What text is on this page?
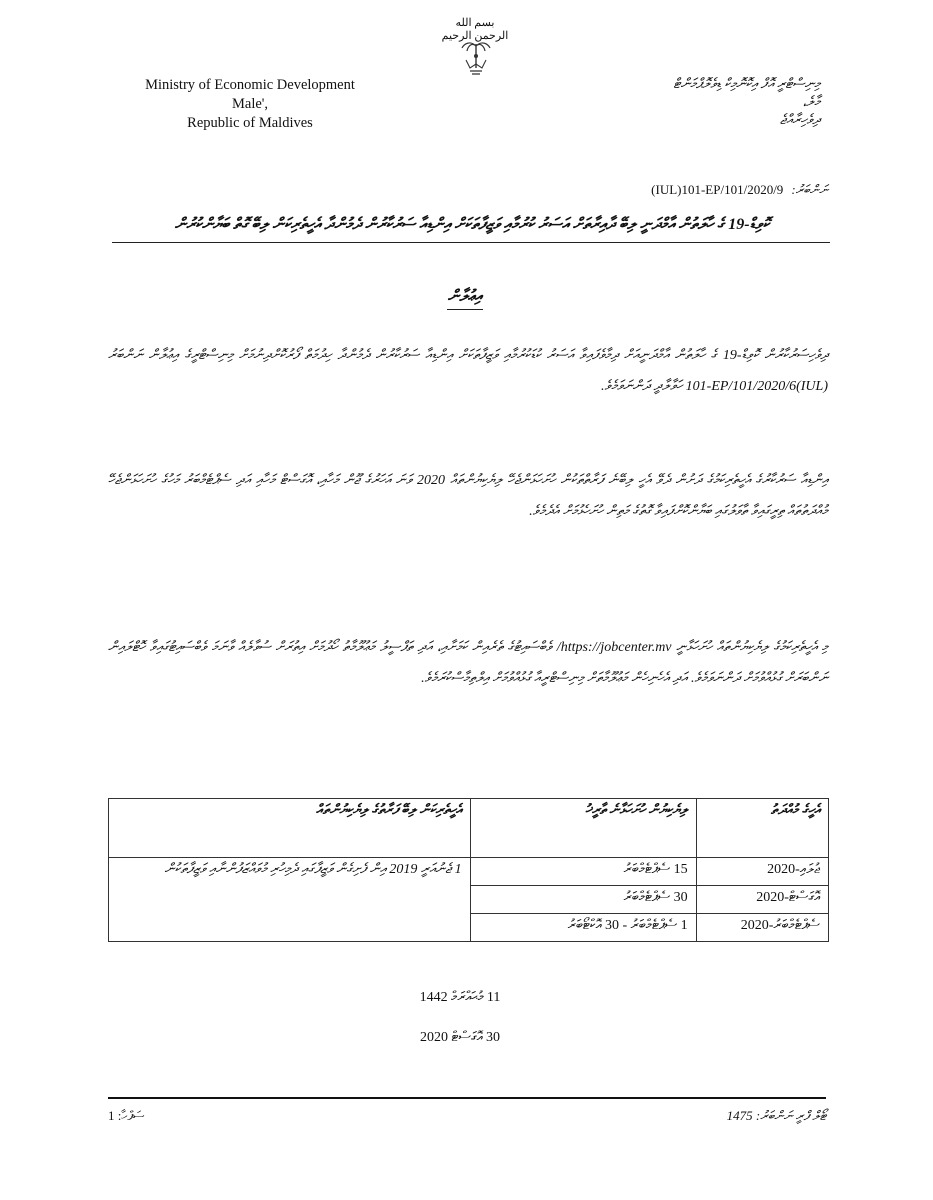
بسم الله الرحمن الرحيم
Ministry of Economic Development
Male',
Republic of Maldives
މިނިސްޓްރީ އޮފް އިކޮނޮމިކް ޑިވެލޮޕްމަންޓް
މާލެ،
ދިވެހިރާއްޖެ
ނަންބަރު:
(IUL)101-EP/101/2020/9
ކޮވިޑް-19 ގެ ހާލަތުން އާމްދަނީ ލިބޭ ދާއިރާތަށް އަސަރު ކުރުމާއި ވަޒީފާތަކަށް އިންޑިއާ ސަރުކާރުން ދެމުންދާ އެހީތެރިކަން ލިބޭ ގޮތް ބަޔާންކުރުން
އިޢުލާން
ދިވެހިސަރުކާރުން ކޮވިޑް-19 ގެ ހާލަތުން އާމްދަނީއަށް ދިމާވެފައިވާ އަސަރު ކުޑަކުރުމާއި ވަޒީފާތަކަށް އިންޑިއާ ސަރުކާރުން ދެމުންދާ ހިދުމަތް ފޯރުކޮށްދިނުމަށް މިނިސްޓްރީގެ އިޢުލާން ނަންބަރު (IUL)101-EP/101/2020/6 ހަވާލާދީ ދަންނަވަމެވެ.
އިންޑިއާ ސަރުކާރުގެ އެހީތެރިކަމުގެ ދަށުން ދެވޭ އެހީ ލިބޭނެ ފަރާތްތަކުން ހުށަހަޅަންޖެހޭ ލިޔެކިޔުންތައް 2020 ވަނަ އަހަރުގެ ޖޫން މަހާއި، އޮގަސްޓް މަހާއި އަދި ސެޕްޓެމްބަރު މަހުގެ ހުށަހަޅަންޖެހޭ މުއްދަތުތައް ތިރީގައިވާ ތާވަލުގައި ބަޔާންކޮށްފައިވާ ގޮތުގެ މަތިން ހުށަހެޅުމަށް އެދެމެވެ.
މި އެހީތެރިކަމުގެ ލިޔެކިޔުންތައް ހުށަހަޅާނީ https://jobcenter.mv/ ވެބްސައިޓުގެ ތެރެއިން ކަމަށާއި، އަދި ތަފްސީލު މަޢުލޫމާތު ހޯދުމަށް އިތުރަށް ސުވާލެއް ވާނަމަ ވެބްސައިޓުގައިވާ ހޮޓްލައިން ނަންބަރަށް ގުޅުއްވުމަށް ދަންނަވަމެވެ. އަދި އެހެނިހެން މަޢުލޫމާތަށް މިނިސްޓްރީއާ ގުޅުއްވުމަށް އިލްތިމާސްކުރަމެވެ.
އެހީގެ މުއްދަތު	ލިޔެކިޔުން ހުށަހަޅާނެ ތާރީޚު	އެހީތެރިކަން ލިބޭ ފަރާތުގެ ލިޔެކިޔުންތައް
ޖުލައި-2020	15 ސެޕްޓެމްބަރު	1 ޖެނުއަރީ 2019 އިން ފެށިގެން ވަޒީފާގައި ދެމިހުރި މުވައްޒަފުންނާއި ވަޒީފާތަކުން
އޮގަސްޓް-2020	30 ސެޕްޓެމްބަރު	
ސެޕްޓެމްބަރު-2020	1 ސެޕްޓެމްބަރު - 30 އޮކްޓޯބަރު	
11 މުޙައްރަމް 1442
30 އޮގަސްޓް 2020
ސަފްހާ: 1	ޓޯލް ފްރީ ނަންބަރު: 1475
